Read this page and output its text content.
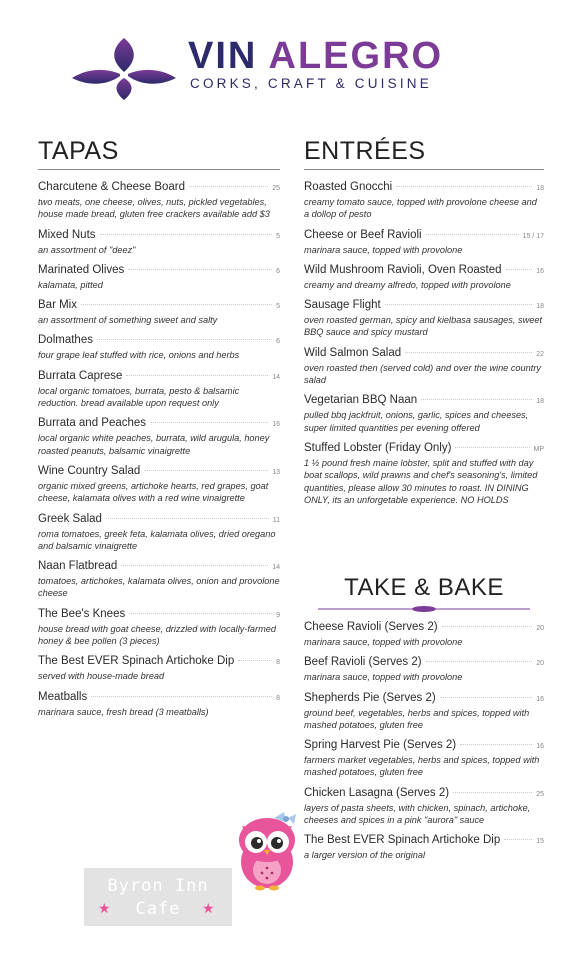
VIN ALEGRO
CORKS, CRAFT & CUISINE
TAPAS
Charcutene & Cheese Board	25
two meats, one cheese, olives, nuts, pickled vegetables, house made bread, gluten free crackers available add $3
Mixed Nuts	5
an assortment of "deez"
Marinated Olives	6
kalamata, pitted
Bar Mix	5
an assortment of something sweet and salty
Dolmathes	6
four grape leaf stuffed with rice, onions and herbs
Burrata Caprese	14
local organic tomatoes, burrata, pesto & balsamic reduction. bread available upon request only
Burrata and Peaches	16
local organic white peaches, burrata, wild arugula, honey roasted peanuts, balsamic vinaigrette
Wine Country Salad	13
organic mixed greens, artichoke hearts, red grapes, goat cheese, kalamata olives with a red wine vinaigrette
Greek Salad	11
roma tomatoes, greek feta, kalamata olives, dried oregano and balsamic vinaigrette
Naan Flatbread	14
tomatoes, artichokes, kalamata olives, onion and provolone cheese
The Bee's Knees	9
house bread with goat cheese, drizzled with locally-farmed honey & bee pollen (3 pieces)
The Best EVER Spinach Artichoke Dip	8
served with house-made bread
Meatballs	8
marinara sauce, fresh bread (3 meatballs)
ENTRÉES
Roasted Gnocchi	18
creamy tomato sauce, topped with provolone cheese and a dollop of pesto
Cheese or Beef Ravioli	15 / 17
marinara sauce, topped with provolone
Wild Mushroom Ravioli, Oven Roasted	16
creamy and dreamy alfredo, topped with provolone
Sausage Flight	18
oven roasted german, spicy and kielbasa sausages, sweet BBQ sauce and spicy mustard
Wild Salmon Salad	22
oven roasted then (served cold) and over the wine country salad
Vegetarian BBQ Naan	18
pulled bbq jackfruit, onions, garlic, spices and cheeses, super limited quantities per evening offered
Stuffed Lobster (Friday Only)	MP
1 ½ pound fresh maine lobster, split and stuffed with day boat scallops, wild prawns and chef's seasoning's, limited quantities, please allow 30 minutes to roast. IN DINING ONLY, its an unforgetable experience. NO HOLDS
TAKE & BAKE
Cheese Ravioli (Serves 2)	20
marinara sauce, topped with provolone
Beef Ravioli (Serves 2)	20
marinara sauce, topped with provolone
Shepherds Pie (Serves 2)	16
ground beef, vegetables, herbs and spices, topped with mashed potatoes, gluten free
Spring Harvest Pie (Serves 2)	16
farmers market vegetables, herbs and spices, topped with mashed potatoes, gluten free
Chicken Lasagna (Serves 2)	25
layers of pasta sheets, with chicken, spinach, artichoke, cheeses and spices in a pink "aurora" sauce
The Best EVER Spinach Artichoke Dip	15
a larger version of the original
Byron Inn
★	Cafe	★
